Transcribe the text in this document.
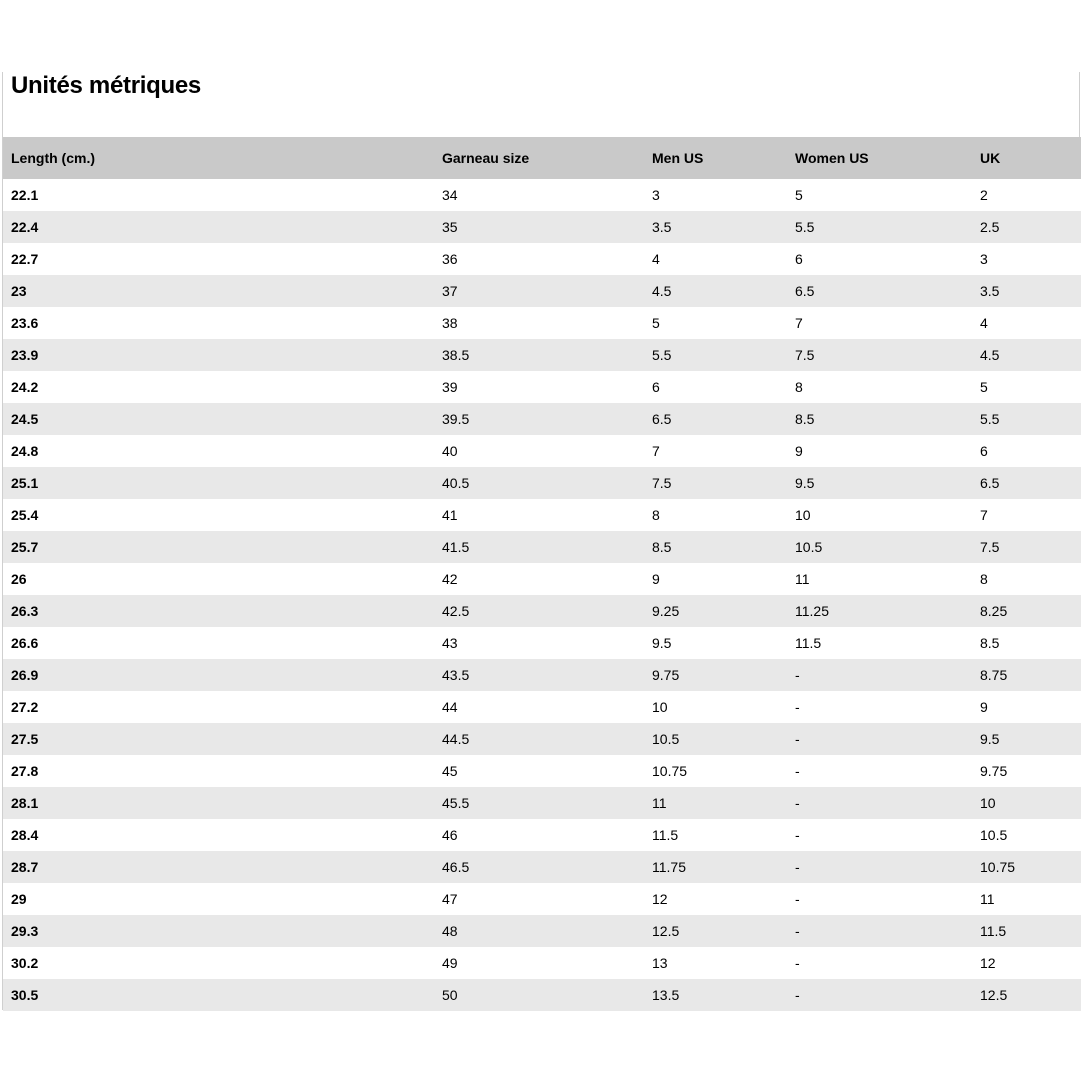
Unités métriques
Length (cm.)	Garneau size	Men US	Women US	UK
22.1	34	3	5	2
22.4	35	3.5	5.5	2.5
22.7	36	4	6	3
23	37	4.5	6.5	3.5
23.6	38	5	7	4
23.9	38.5	5.5	7.5	4.5
24.2	39	6	8	5
24.5	39.5	6.5	8.5	5.5
24.8	40	7	9	6
25.1	40.5	7.5	9.5	6.5
25.4	41	8	10	7
25.7	41.5	8.5	10.5	7.5
26	42	9	11	8
26.3	42.5	9.25	11.25	8.25
26.6	43	9.5	11.5	8.5
26.9	43.5	9.75	-	8.75
27.2	44	10	-	9
27.5	44.5	10.5	-	9.5
27.8	45	10.75	-	9.75
28.1	45.5	11	-	10
28.4	46	11.5	-	10.5
28.7	46.5	11.75	-	10.75
29	47	12	-	11
29.3	48	12.5	-	11.5
30.2	49	13	-	12
30.5	50	13.5	-	12.5
